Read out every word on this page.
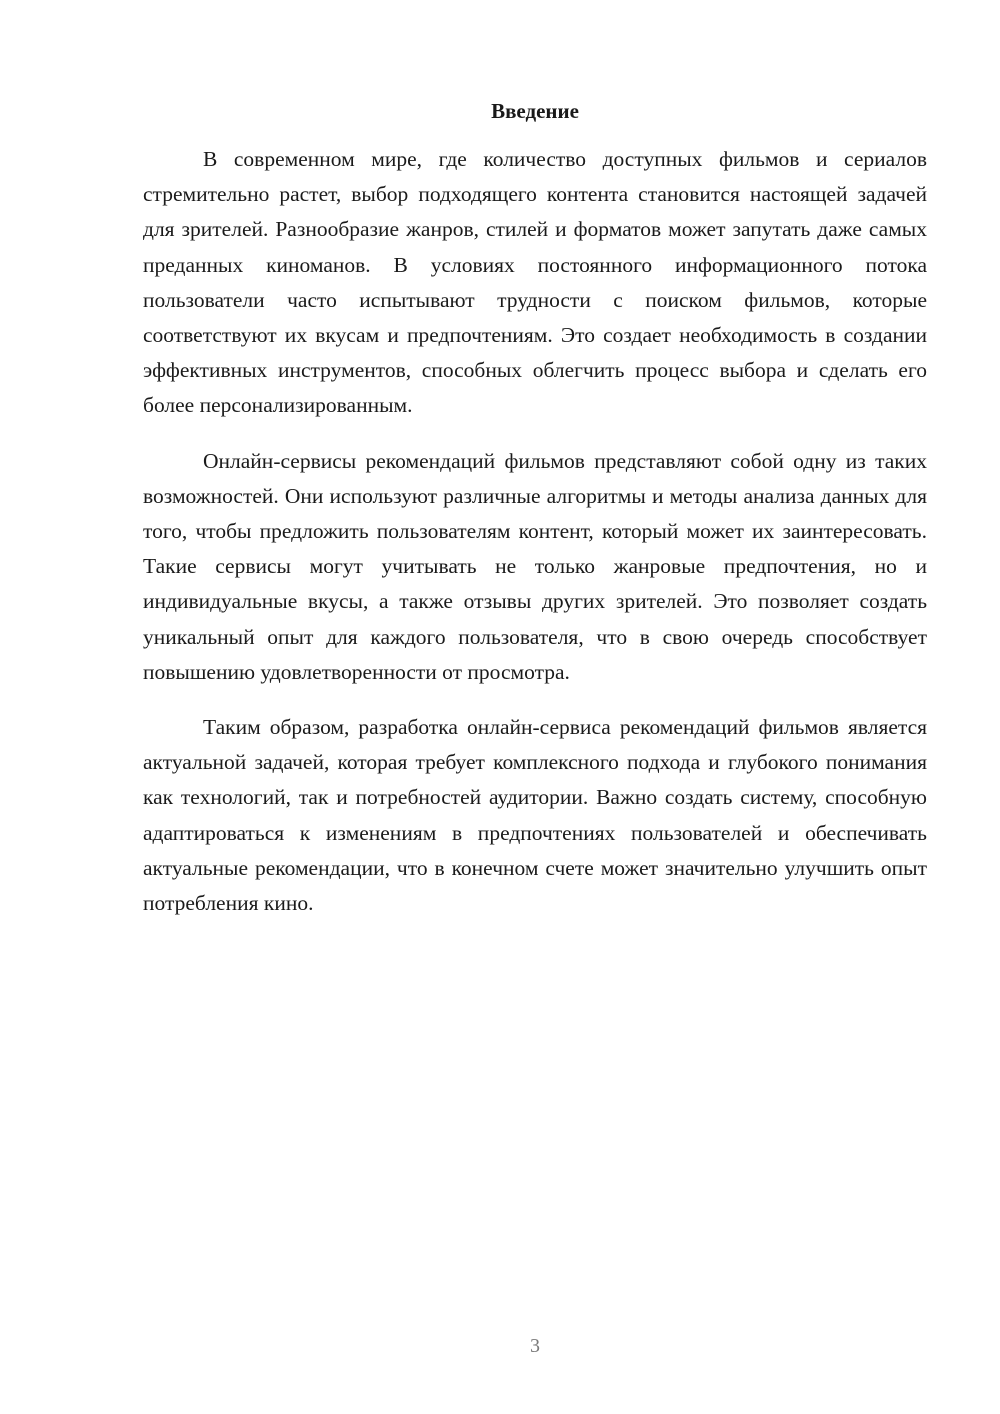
Введение

В современном мире, где количество доступных фильмов и сериалов стремительно растет, выбор подходящего контента становится настоящей задачей для зрителей. Разнообразие жанров, стилей и форматов может запутать даже самых преданных киноманов. В условиях постоянного информационного потока пользователи часто испытывают трудности с поиском фильмов, которые соответствуют их вкусам и предпочтениям. Это создает необходимость в создании эффективных инструментов, способных облегчить процесс выбора и сделать его более персонализированным.

Онлайн-сервисы рекомендаций фильмов представляют собой одну из таких возможностей. Они используют различные алгоритмы и методы анализа данных для того, чтобы предложить пользователям контент, который может их заинтересовать. Такие сервисы могут учитывать не только жанровые предпочтения, но и индивидуальные вкусы, а также отзывы других зрителей. Это позволяет создать уникальный опыт для каждого пользователя, что в свою очередь способствует повышению удовлетворенности от просмотра.

Таким образом, разработка онлайн-сервиса рекомендаций фильмов является актуальной задачей, которая требует комплексного подхода и глубокого понимания как технологий, так и потребностей аудитории. Важно создать систему, способную адаптироваться к изменениям в предпочтениях пользователей и обеспечивать актуальные рекомендации, что в конечном счете может значительно улучшить опыт потребления кино.

3
